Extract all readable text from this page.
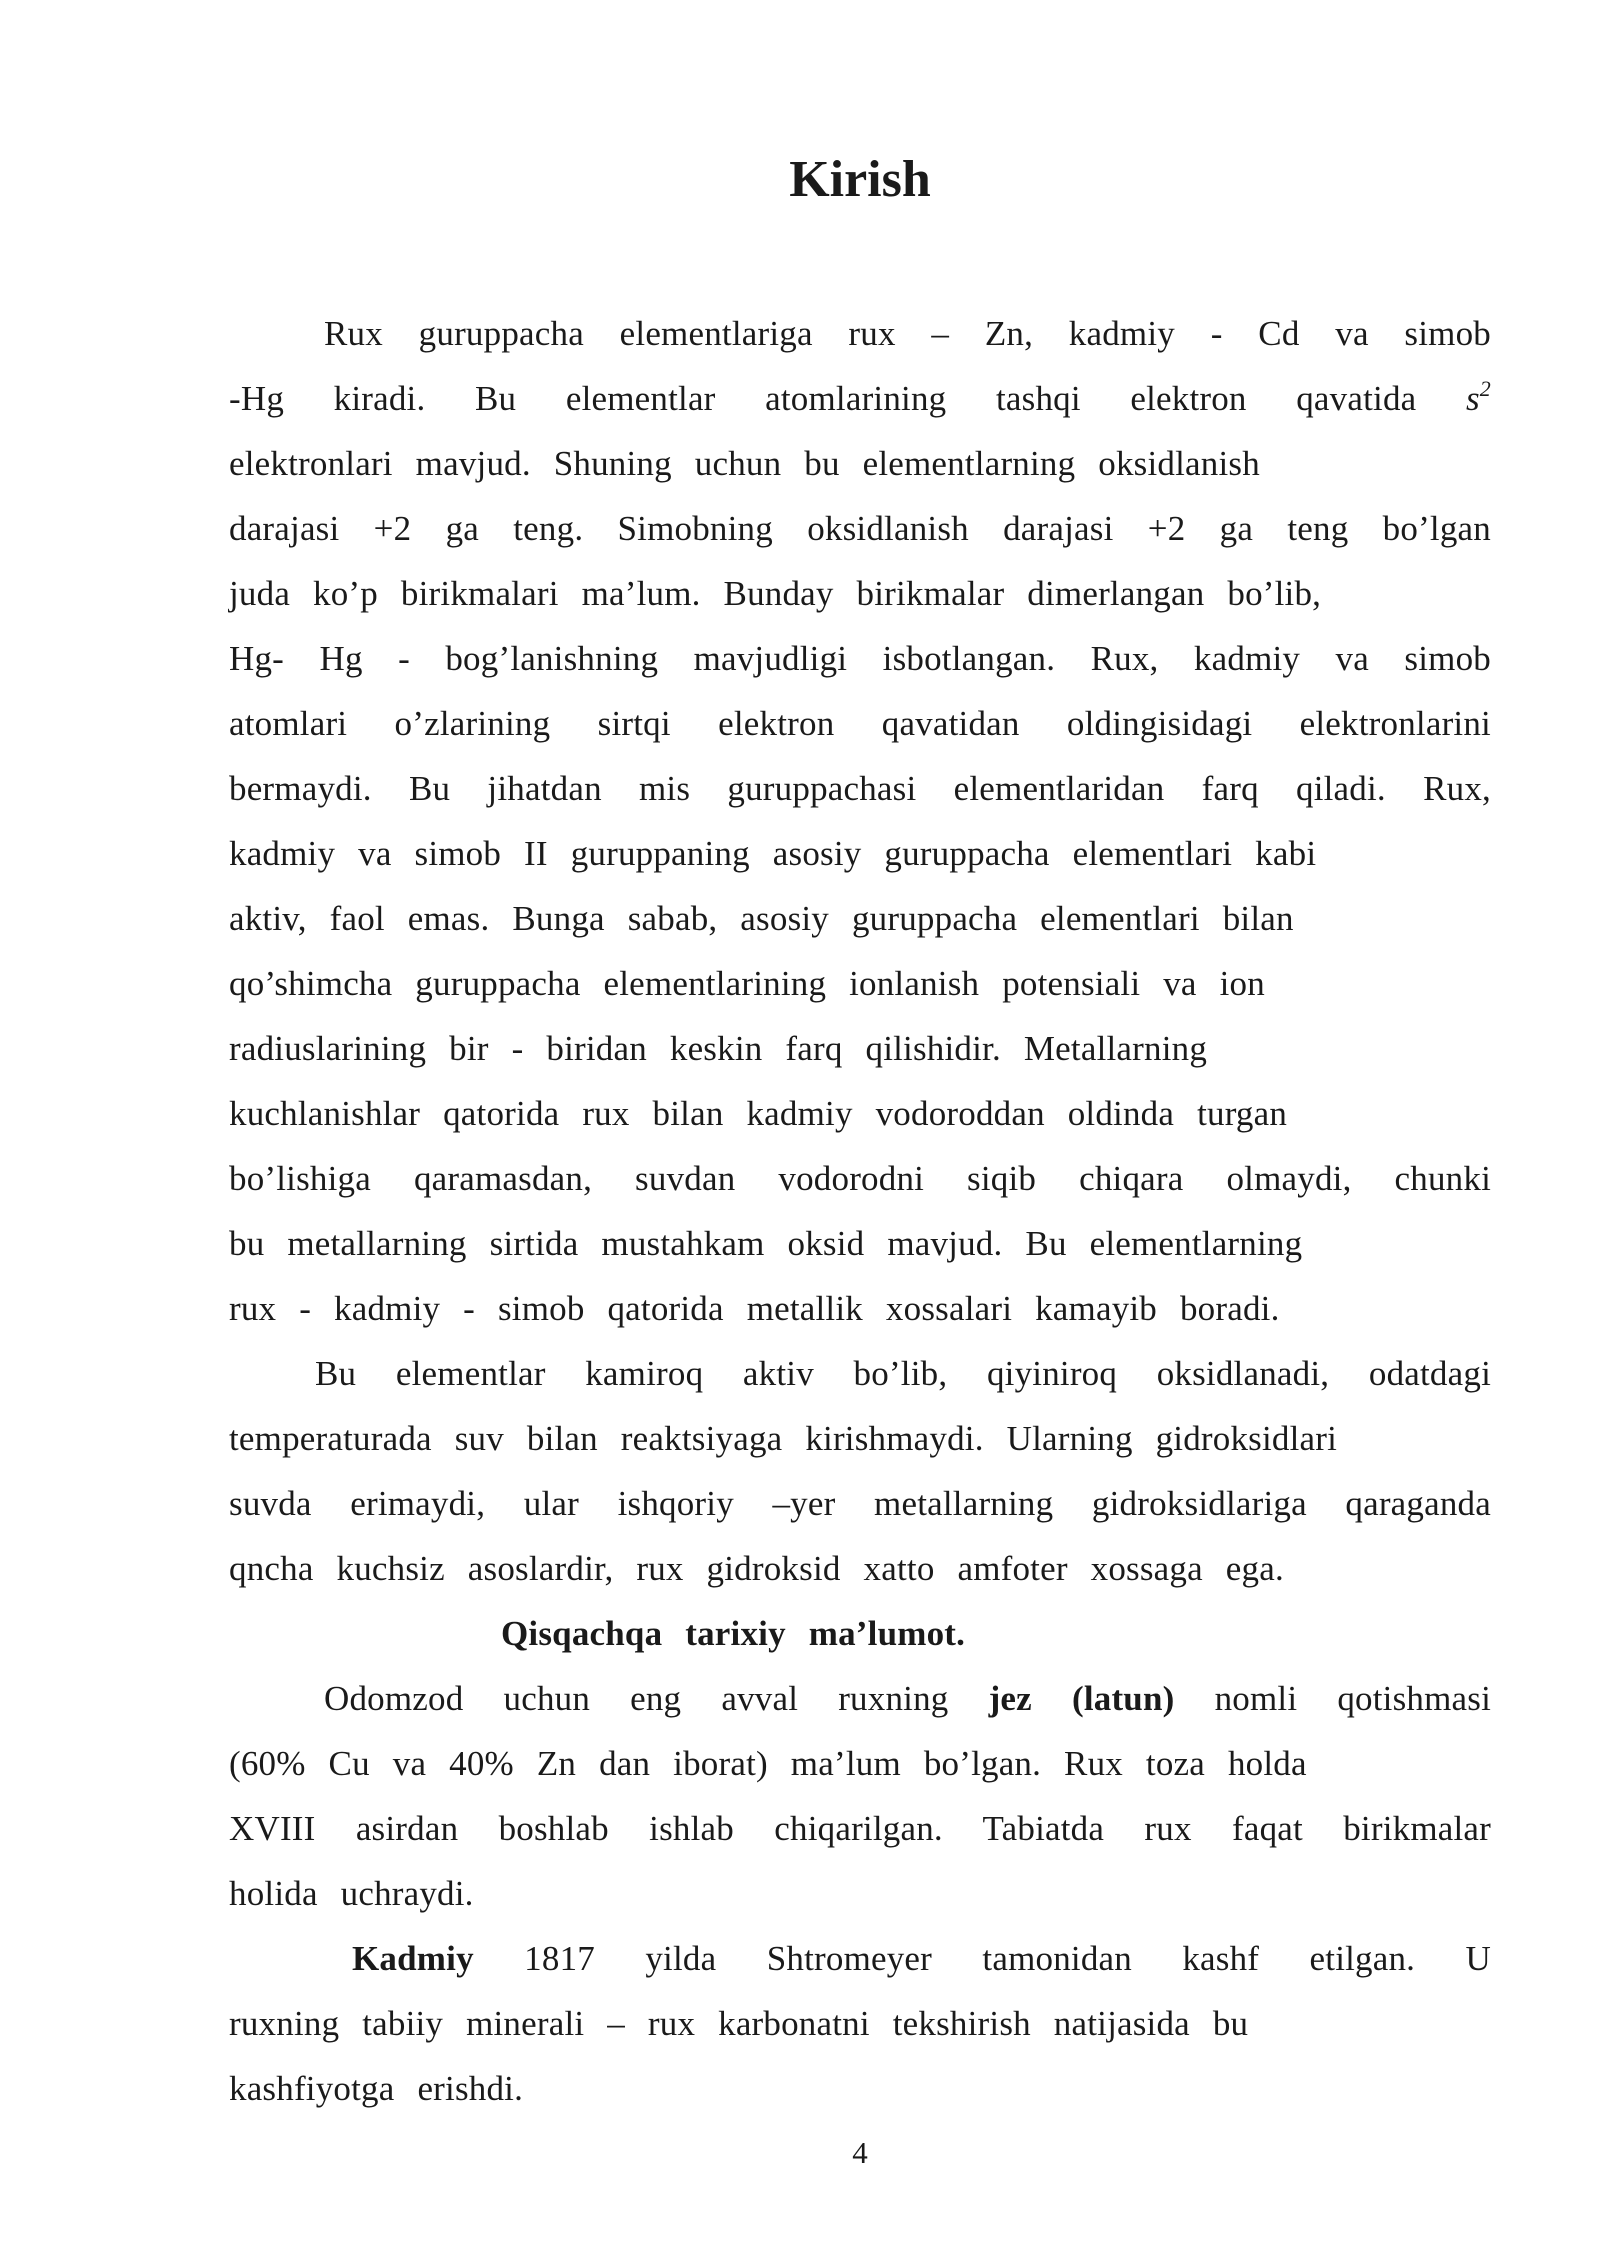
Kirish
Rux guruppacha elementlariga rux – Zn, kadmiy - Cd va simob
-Hg kiradi. Bu elementlar atomlarining tashqi elektron qavatida $s^2$
elektronlari mavjud. Shuning uchun bu elementlarning oksidlanish
darajasi +2 ga teng. Simobning oksidlanish darajasi +2 ga teng bo’lgan
juda ko’p birikmalari ma’lum. Bunday birikmalar dimerlangan bo’lib,
Hg- Hg - bog’lanishning mavjudligi isbotlangan. Rux, kadmiy va simob
atomlari o’zlarining sirtqi elektron qavatidan oldingisidagi elektronlarini
bermaydi. Bu jihatdan mis guruppachasi elementlaridan farq qiladi. Rux,
kadmiy va simob II guruppaning asosiy guruppacha elementlari kabi
aktiv, faol emas. Bunga sabab, asosiy guruppacha elementlari bilan
qo’shimcha guruppacha elementlarining ionlanish potensiali va ion
radiuslarining bir - biridan keskin farq qilishidir. Metallarning
kuchlanishlar qatorida rux bilan kadmiy vodoroddan oldinda turgan
bo’lishiga qaramasdan, suvdan vodorodni siqib chiqara olmaydi, chunki
bu metallarning sirtida mustahkam oksid mavjud. Bu elementlarning
rux - kadmiy - simob qatorida metallik xossalari kamayib boradi.
Bu elementlar kamiroq aktiv bo’lib, qiyiniroq oksidlanadi, odatdagi
temperaturada suv bilan reaktsiyaga kirishmaydi. Ularning gidroksidlari
suvda erimaydi, ular ishqoriy –yer metallarning gidroksidlariga qaraganda
qncha kuchsiz asoslardir, rux gidroksid xatto amfoter xossaga ega.
Qisqachqa tarixiy ma’lumot.
Odomzod uchun eng avval ruxning jez (latun) nomli qotishmasi
(60% Cu va 40% Zn dan iborat) ma’lum bo’lgan. Rux toza holda
XVIII asirdan boshlab ishlab chiqarilgan. Tabiatda rux faqat birikmalar
holida uchraydi.
Kadmiy 1817 yilda Shtromeyer tamonidan kashf etilgan. U
ruxning tabiiy minerali – rux karbonatni tekshirish natijasida bu
kashfiyotga erishdi.
4
